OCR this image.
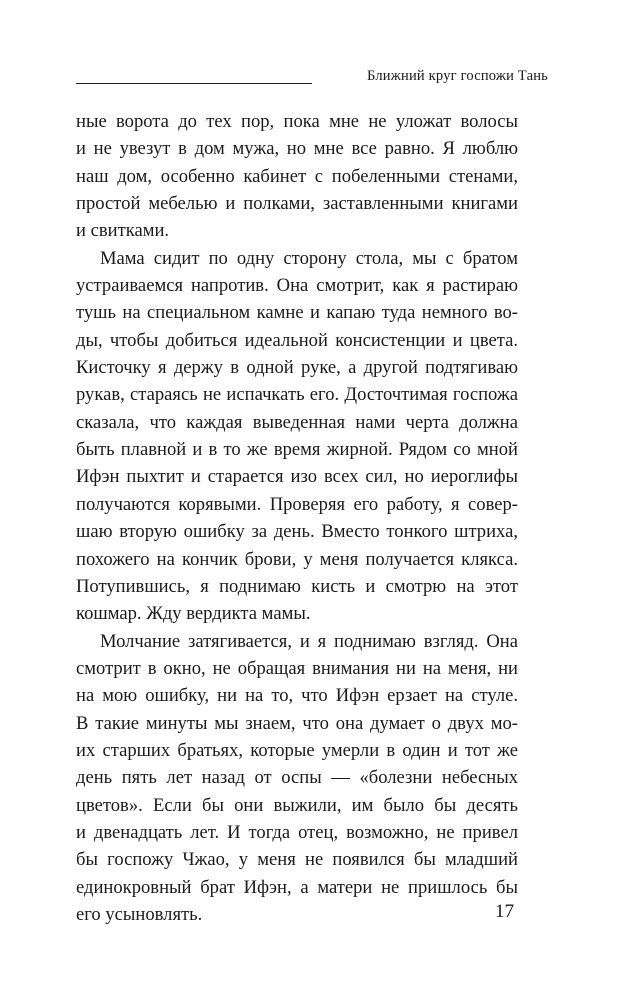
Ближний круг госпожи Тань
ные ворота до тех пор, пока мне не уложат волосы
и не увезут в дом мужа, но мне все равно. Я люблю
наш дом, особенно кабинет с побеленными стенами,
простой мебелью и полками, заставленными книгами
и свитками.
Мама сидит по одну сторону стола, мы с братом
устраиваемся напротив. Она смотрит, как я растираю
тушь на специальном камне и капаю туда немного во-
ды, чтобы добиться идеальной консистенции и цвета.
Кисточку я держу в одной руке, а другой подтягиваю
рукав, стараясь не испачкать его. Досточтимая госпожа
сказала, что каждая выведенная нами черта должна
быть плавной и в то же время жирной. Рядом со мной
Ифэн пыхтит и старается изо всех сил, но иероглифы
получаются корявыми. Проверяя его работу, я совер-
шаю вторую ошибку за день. Вместо тонкого штриха,
похожего на кончик брови, у меня получается клякса.
Потупившись, я поднимаю кисть и смотрю на этот
кошмар. Жду вердикта мамы.
Молчание затягивается, и я поднимаю взгляд. Она
смотрит в окно, не обращая внимания ни на меня, ни
на мою ошибку, ни на то, что Ифэн ерзает на стуле.
В такие минуты мы знаем, что она думает о двух мо-
их старших братьях, которые умерли в один и тот же
день пять лет назад от оспы — «болезни небесных
цветов». Если бы они выжили, им было бы десять
и двенадцать лет. И тогда отец, возможно, не привел
бы госпожу Чжао, у меня не появился бы младший
единокровный брат Ифэн, а матери не пришлось бы
его усыновлять.	17
